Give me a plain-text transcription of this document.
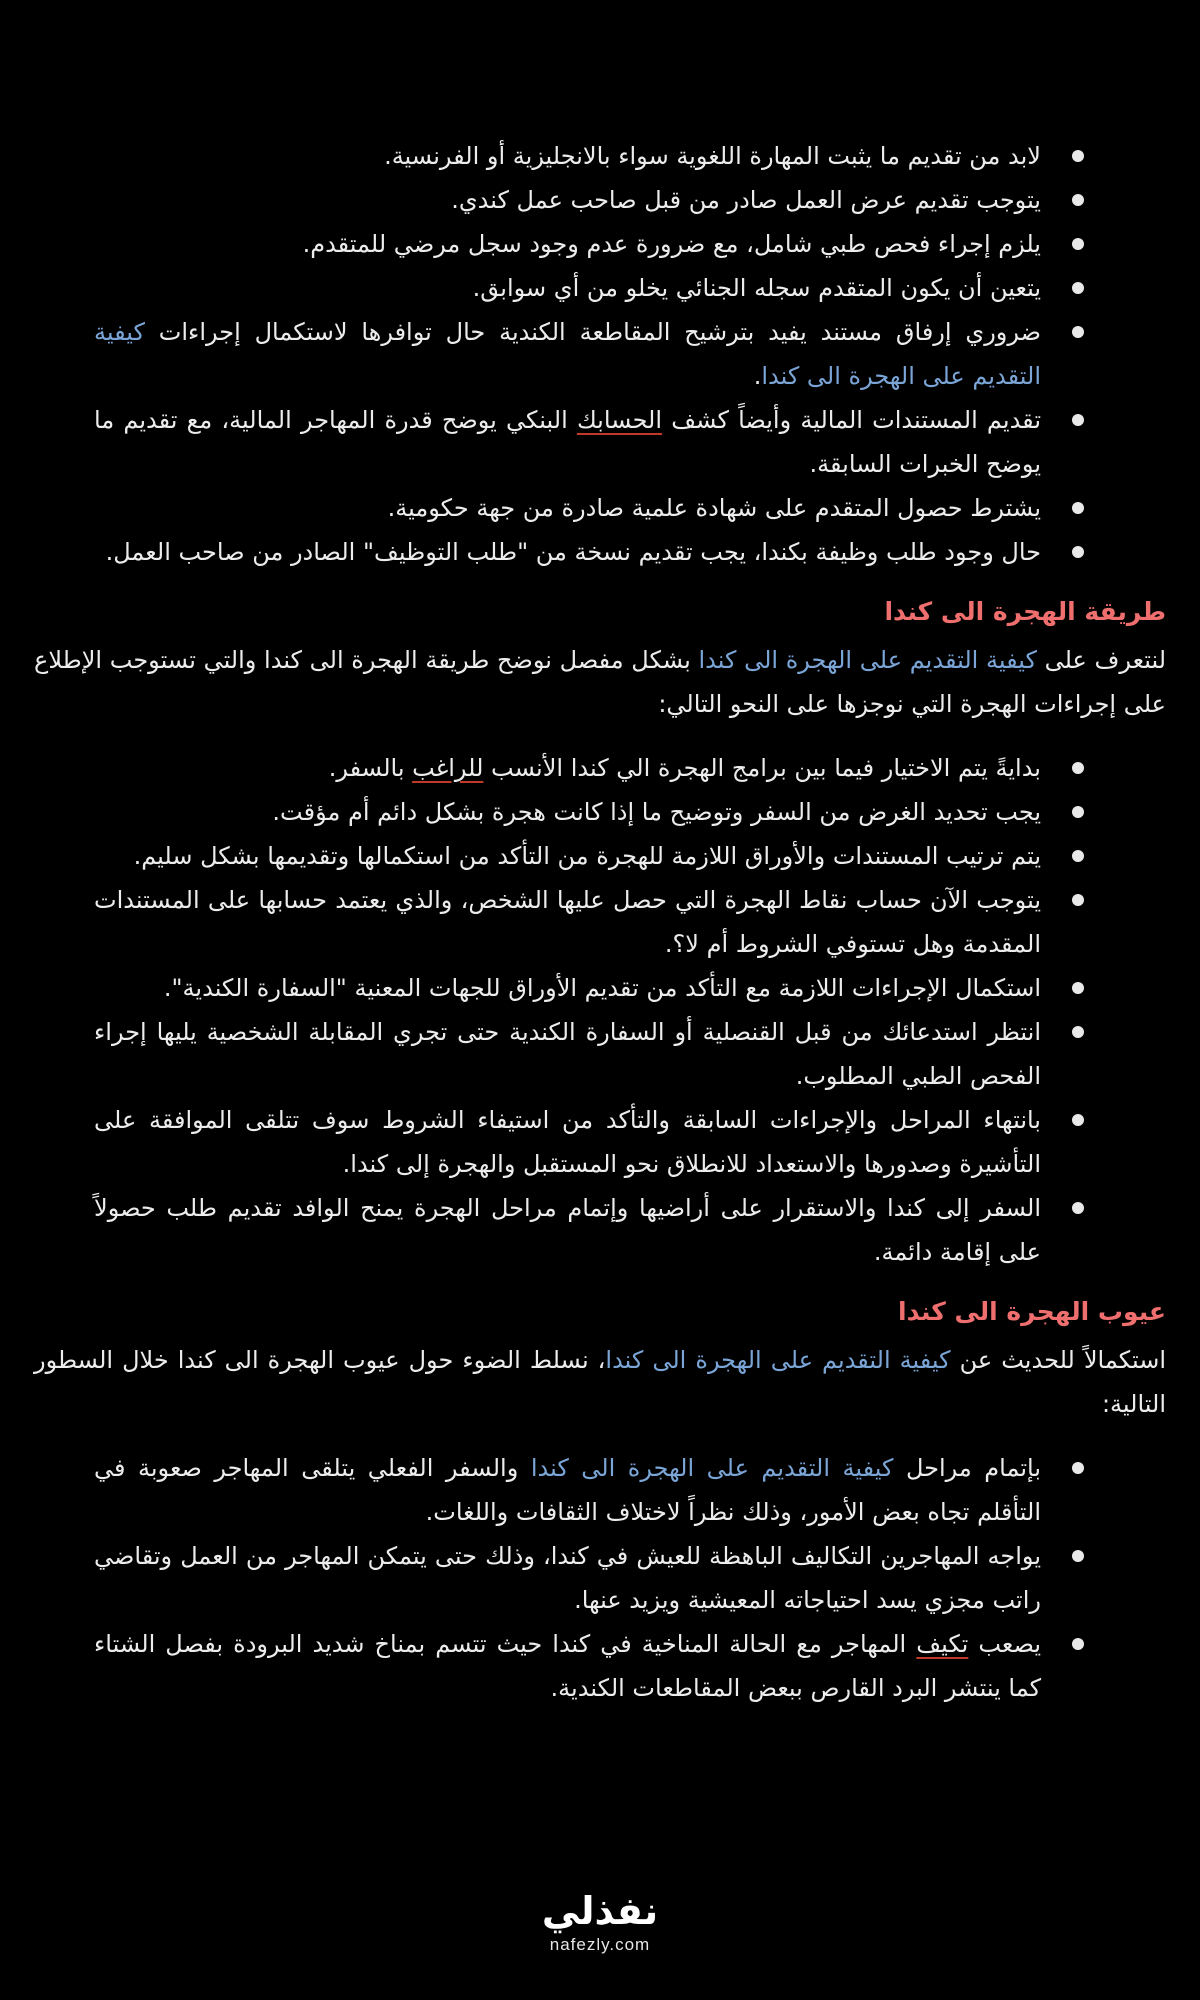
لابد من تقديم ما يثبت المهارة اللغوية سواء بالانجليزية أو الفرنسية.
يتوجب تقديم عرض العمل صادر من قبل صاحب عمل كندي.
يلزم إجراء فحص طبي شامل، مع ضرورة عدم وجود سجل مرضي للمتقدم.
يتعين أن يكون المتقدم سجله الجنائي يخلو من أي سوابق.
ضروري إرفاق مستند يفيد بترشيح المقاطعة الكندية حال توافرها لاستكمال إجراءات كيفية التقديم على الهجرة الى كندا.
تقديم المستندات المالية وأيضاً كشف الحسابك البنكي يوضح قدرة المهاجر المالية، مع تقديم ما يوضح الخبرات السابقة.
يشترط حصول المتقدم على شهادة علمية صادرة من جهة حكومية.
حال وجود طلب وظيفة بكندا، يجب تقديم نسخة من "طلب التوظيف" الصادر من صاحب العمل.
طريقة الهجرة الى كندا

لنتعرف على كيفية التقديم على الهجرة الى كندا بشكل مفصل نوضح طريقة الهجرة الى كندا والتي تستوجب الإطلاع على إجراءات الهجرة التي نوجزها على النحو التالي:

بدايةً يتم الاختيار فيما بين برامج الهجرة الي كندا الأنسب للراغب بالسفر.
يجب تحديد الغرض من السفر وتوضيح ما إذا كانت هجرة بشكل دائم أم مؤقت.
يتم ترتيب المستندات والأوراق اللازمة للهجرة من التأكد من استكمالها وتقديمها بشكل سليم.
يتوجب الآن حساب نقاط الهجرة التي حصل عليها الشخص، والذي يعتمد حسابها على المستندات المقدمة وهل تستوفي الشروط أم لا؟.
استكمال الإجراءات اللازمة مع التأكد من تقديم الأوراق للجهات المعنية "السفارة الكندية".
انتظر استدعائك من قبل القنصلية أو السفارة الكندية حتى تجري المقابلة الشخصية يليها إجراء الفحص الطبي المطلوب.
بانتهاء المراحل والإجراءات السابقة والتأكد من استيفاء الشروط سوف تتلقى الموافقة على التأشيرة وصدورها والاستعداد للانطلاق نحو المستقبل والهجرة إلى كندا.
السفر إلى كندا والاستقرار على أراضيها وإتمام مراحل الهجرة يمنح الوافد تقديم طلب حصولاً على إقامة دائمة.
عيوب الهجرة الى كندا

استكمالاً للحديث عن كيفية التقديم على الهجرة الى كندا، نسلط الضوء حول عيوب الهجرة الى كندا خلال السطور التالية:

بإتمام مراحل كيفية التقديم على الهجرة الى كندا والسفر الفعلي يتلقى المهاجر صعوبة في التأقلم تجاه بعض الأمور، وذلك نظراً لاختلاف الثقافات واللغات.
يواجه المهاجرين التكاليف الباهظة للعيش في كندا، وذلك حتى يتمكن المهاجر من العمل وتقاضي راتب مجزي يسد احتياجاته المعيشية ويزيد عنها.
يصعب تكيف المهاجر مع الحالة المناخية في كندا حيث تتسم بمناخ شديد البرودة بفصل الشتاء كما ينتشر البرد القارص ببعض المقاطعات الكندية.
نفذلي
nafezly.com
